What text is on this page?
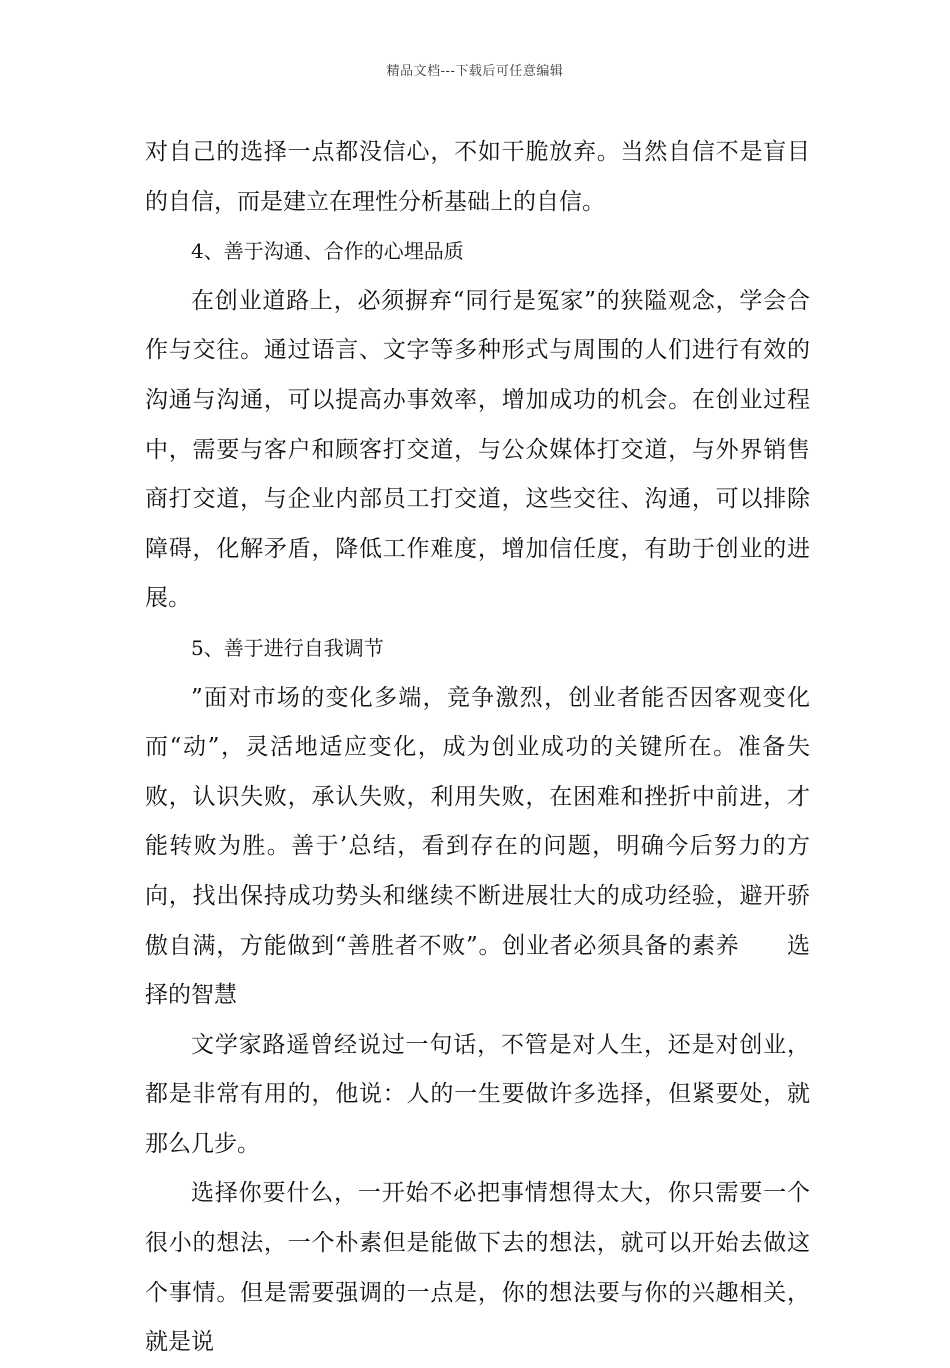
精品文档---下载后可任意编辑

对自己的选择一点都没信心，不如干脆放弃。当然自信不是盲目的自信，而是建立在理性分析基础上的自信。

4、善于沟通、合作的心埋品质

在创业道路上，必须摒弃“同行是冤家”的狭隘观念，学会合作与交往。通过语言、文字等多种形式与周围的人们进行有效的沟通与沟通，可以提高办事效率，增加成功的机会。在创业过程中，需要与客户和顾客打交道，与公众媒体打交道，与外界销售商打交道，与企业内部员工打交道，这些交往、沟通，可以排除障碍，化解矛盾，降低工作难度，增加信任度，有助于创业的进展。

5、善于进行自我调节

”面对市场的变化多端，竞争激烈，创业者能否因客观变化而“动”，灵活地适应变化，成为创业成功的关键所在。准备失败，认识失败，承认失败，利用失败，在困难和挫折中前进，才能转败为胜。善于’总结，看到存在的问题，明确今后努力的方向，找出保持成功势头和继续不断进展壮大的成功经验，避开骄傲自满，方能做到“善胜者不败”。创业者必须具备的素养　　选择的智慧

文学家路遥曾经说过一句话，不管是对人生，还是对创业，都是非常有用的，他说：人的一生要做许多选择，但紧要处，就那么几步。

选择你要什么，一开始不必把事情想得太大，你只需要一个很小的想法，一个朴素但是能做下去的想法，就可以开始去做这个事情。但是需要强调的一点是，你的想法要与你的兴趣相关，就是说
